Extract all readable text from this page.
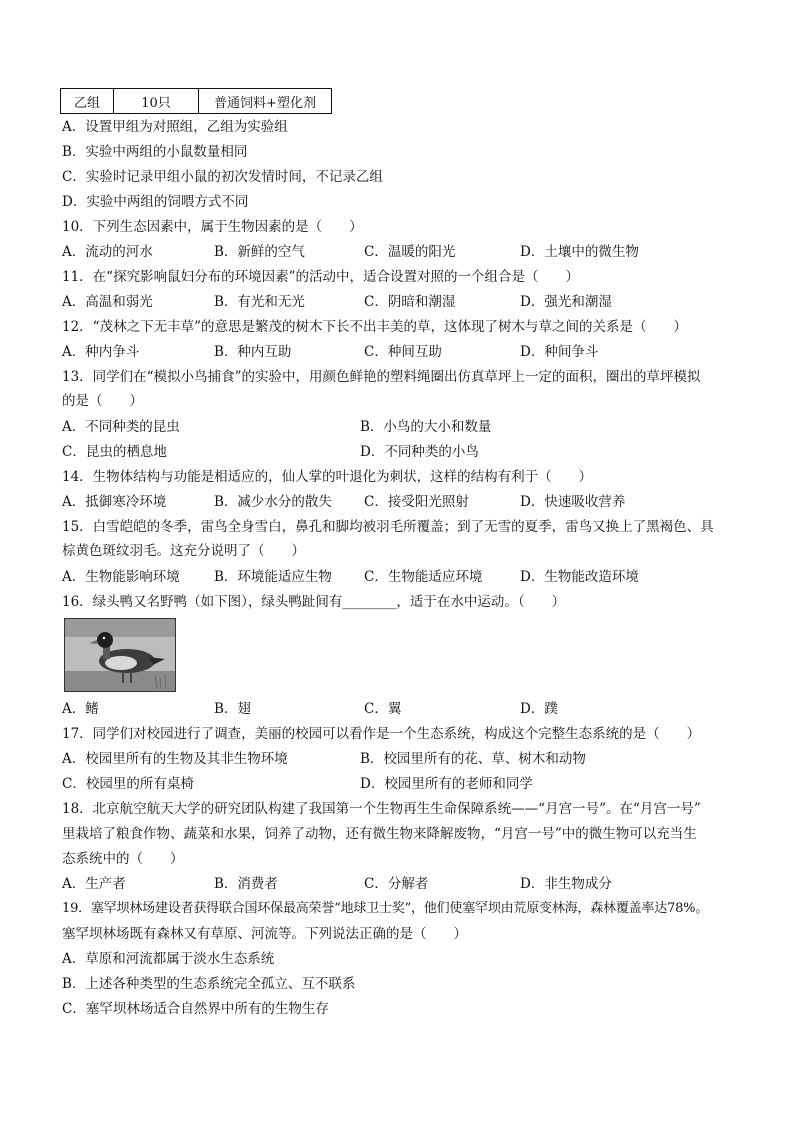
乙组	10只	普通饲料+塑化剂
A．设置甲组为对照组，乙组为实验组
B．实验中两组的小鼠数量相同
C．实验时记录甲组小鼠的初次发情时间，不记录乙组
D．实验中两组的饲喂方式不同
10．下列生态因素中，属于生物因素的是（　　）
A．流动的河水	B．新鲜的空气	C．温暖的阳光	D．土壤中的微生物
11．在“探究影响鼠妇分布的环境因素”的活动中，适合设置对照的一个组合是（　　）
A．高温和弱光	B．有光和无光	C．阴暗和潮湿	D．强光和潮湿
12．“茂林之下无丰草”的意思是繁茂的树木下长不出丰美的草，这体现了树木与草之间的关系是（　　）
A．种内争斗	B．种内互助	C．种间互助	D．种间争斗
13．同学们在“模拟小鸟捕食”的实验中，用颜色鲜艳的塑料绳圈出仿真草坪上一定的面积，圈出的草坪模拟
的是（　　）
A．不同种类的昆虫	B．小鸟的大小和数量
C．昆虫的栖息地	D．不同种类的小鸟
14．生物体结构与功能是相适应的，仙人掌的叶退化为刺状，这样的结构有利于（　　）
A．抵御寒冷环境	B．减少水分的散失 C．接受阳光照射	D．快速吸收营养
15．白雪皑皑的冬季，雷鸟全身雪白，鼻孔和脚均被羽毛所覆盖；到了无雪的夏季，雷鸟又换上了黑褐色、具
棕黄色斑纹羽毛。这充分说明了（　　）
A．生物能影响环境	B．环境能适应生物 C．生物能适应环境	D．生物能改造环境
16．绿头鸭又名野鸭（如下图），绿头鸭趾间有________，适于在水中运动。（　　）
A．鳍	B．翅	C．翼	D．蹼
17．同学们对校园进行了调查，美丽的校园可以看作是一个生态系统，构成这个完整生态系统的是（　　）
A．校园里所有的生物及其非生物环境	B．校园里所有的花、草、树木和动物
C．校园里的所有桌椅	D．校园里所有的老师和同学
18．北京航空航天大学的研究团队构建了我国第一个生物再生生命保障系统——“月宫一号”。在“月宫一号”
里栽培了粮食作物、蔬菜和水果，饲养了动物，还有微生物来降解废物，“月宫一号”中的微生物可以充当生
态系统中的（　　）
A．生产者	B．消费者	C．分解者	D．非生物成分
19．塞罕坝林场建设者获得联合国环保最高荣誉“地球卫士奖”，他们使塞罕坝由荒原变林海，森林覆盖率达78%。
塞罕坝林场既有森林又有草原、河流等。下列说法正确的是（　　）
A．草原和河流都属于淡水生态系统
B．上述各种类型的生态系统完全孤立、互不联系
C．塞罕坝林场适合自然界中所有的生物生存
